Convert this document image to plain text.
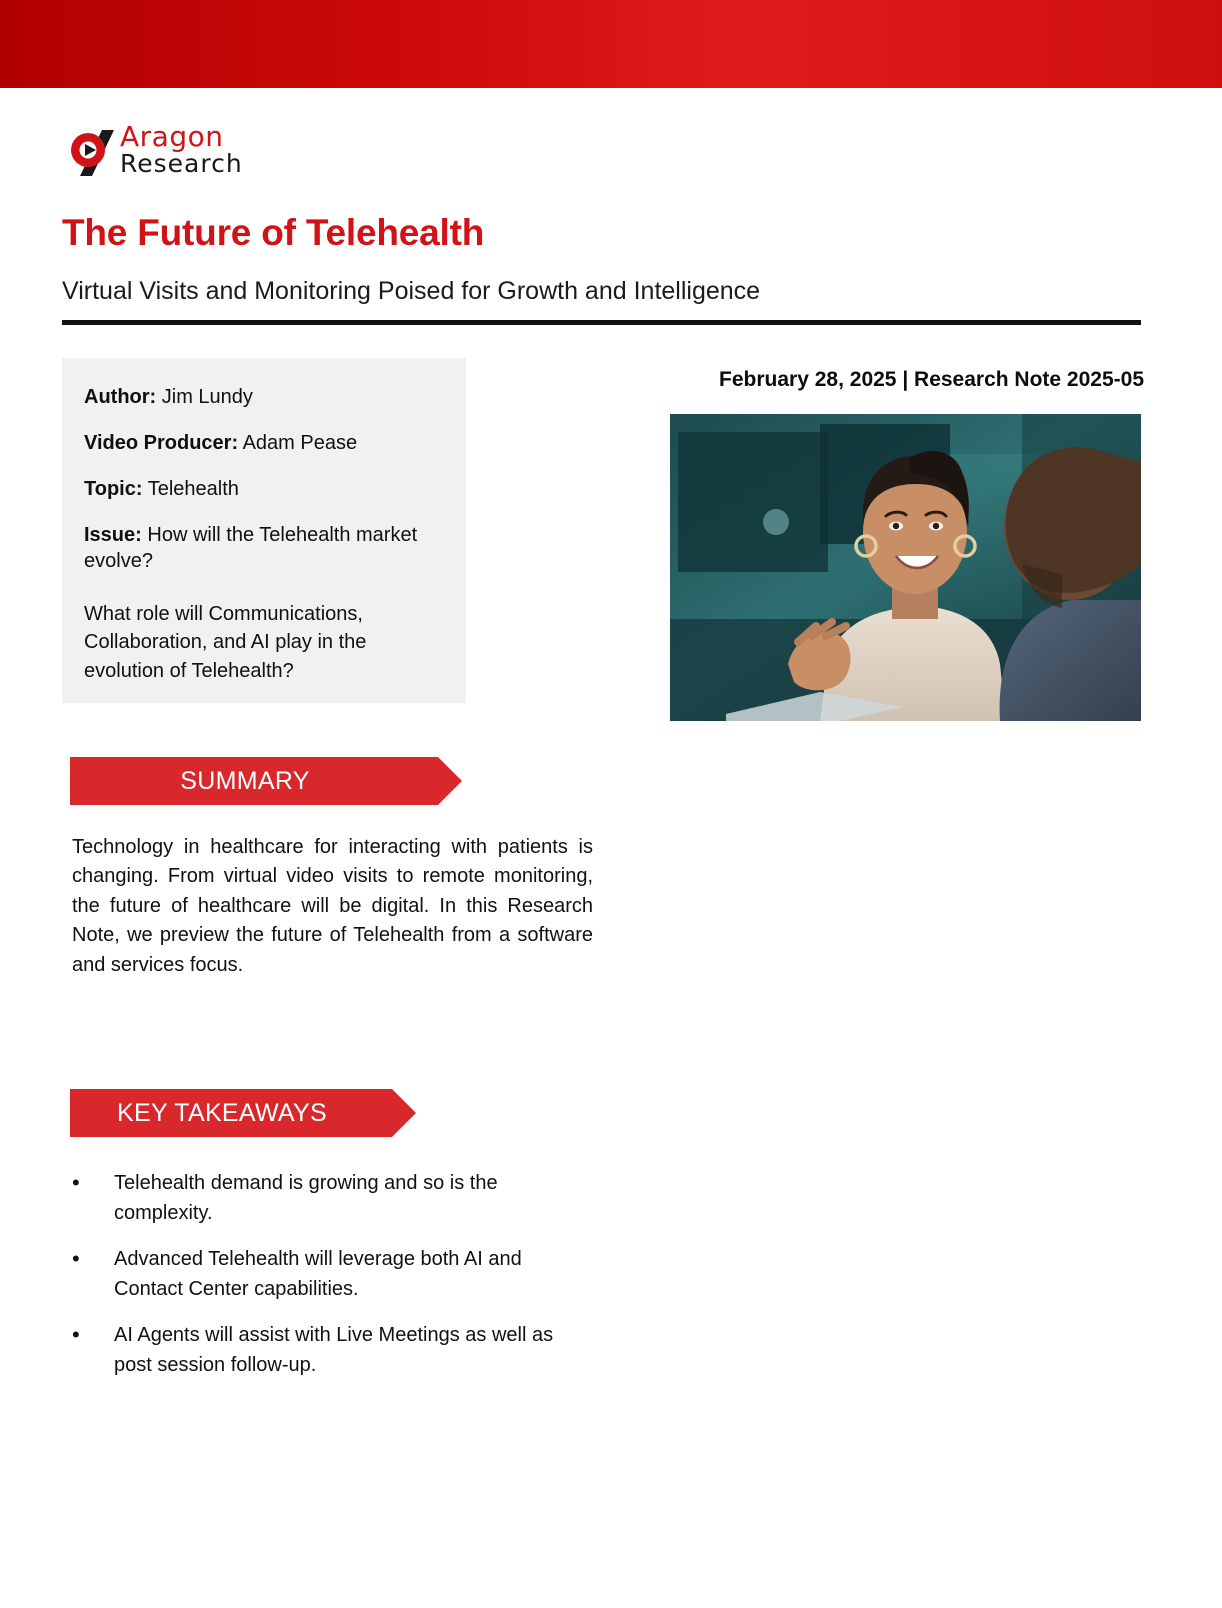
Aragon
Research
The Future of Telehealth
Virtual Visits and Monitoring Poised for Growth and Intelligence
Author: Jim Lundy
Video Producer: Adam Pease
Topic: Telehealth
Issue: How will the Telehealth market evolve?
What role will Communications, Collaboration, and AI play in the evolution of Telehealth?
February 28, 2025 | Research Note 2025-05
SUMMARY
Technology in healthcare for interacting with patients is changing. From virtual video visits to remote monitoring, the future of healthcare will be digital. In this Research Note, we preview the future of Telehealth from a software and services focus.
KEY TAKEAWAYS
• Telehealth demand is growing and so is the complexity.
• Advanced Telehealth will leverage both AI and Contact Center capabilities.
• AI Agents will assist with Live Meetings as well as post session follow-up.
